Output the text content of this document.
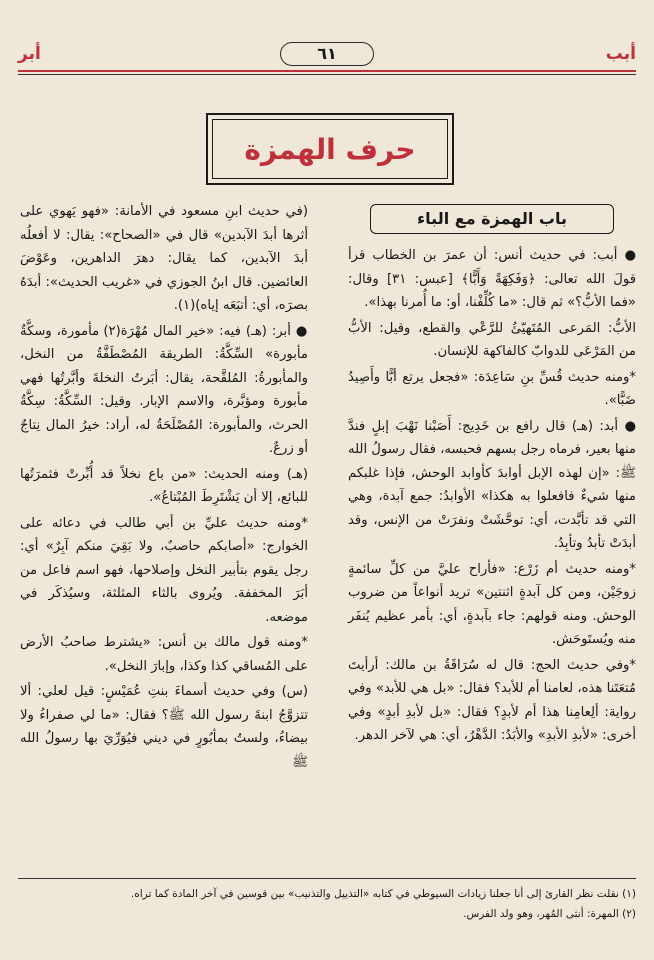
أبب
٦١
أبر
حرف الهمزة
باب الهمزة مع الباء

● أبب: في حديث أنس: أن عمرَ بن الخطاب قرأ قولَ الله تعالى: ﴿وَفَكِهَةً وَأَبًّا﴾ [عبس: ٣١] وقال: «فما الأبُّ؟» ثم قال: «ما كُلِّفْنا، أو: ما أُمرنا بهذا».

الأبُّ: المَرعى المُتَهيّئُ للرَّعْي والقطع، وقيل: الأبُّ من المَرْعَى للدوابّ كالفاكهة للإنسان.

*ومنه حديث قُسِّ بنِ سَاعِدَة: «فجعل يرتع أبًّا وأَصِيدُ ضَبًّا».

● أبد: (هـ) قال رافع بن خَدِيج: أَصَبْنا نَهْبَ إبلٍ فندَّ منها بعير، فرماه رجل بسهم فحبسه، فقال رسولُ الله ﷺ: «إن لهذه الإبل أوابدَ كأوابد الوحش، فإذا غلبكم منها شيءٌ فافعلوا به هكذا» الأوابدُ: جمع آبدة، وهي التي قد تأبَّدت، أي: توحَّشَتْ ونفرَتْ من الإنس، وقد أبدَتْ تأبدُ وتأبِدُ.

*ومنه حديث أم زَرْع: «فأراح عليَّ من كلِّ سائمةٍ زوجَيْن، ومن كل آبدةٍ اثنتين» تريد أنواعاً من ضروب الوحش. ومنه قولهم: جاء بآبدةٍ، أي: بأمر عظيم يُنفَر منه ويُستَوحَش.

*وفي حديث الحج: قال له سُرَاقَةُ بن مالك: أرأيتَ مُتعَتَنا هذه، لعامنا أم للأبد؟ فقال: «بل هي للأبد» وفي رواية: ألِعامِنا هذا أم لأبدٍ؟ فقال: «بل لأبدِ أبدٍ» وفي أخرى: «لأبدِ الأبدِ» والأبَدُ: الدَّهْرُ، أي: هي لآخر الدهر.

(في حديث ابنِ مسعود في الأمانة: «فهو يَهوي على أثرها أبدَ الآبدين» قال في «الصحاح»: يقال: لا أفعلُه أبدَ الآبدين، كما يقال: دهرَ الداهرين، وعَوْضَ العائضين. قال ابنُ الجوزي في «غريب الحديث»: أبدَهُ بصرَه، أي: أتبَعَه إياه)(١).

● أبر: (هـ) فيه: «خير المال مُهْرَة(٢) مأمورة، وسكَّةٌ مأبورة» السِّكَّةُ: الطريقة المُصْطَفَّةُ من النخل، والمأبورةُ: المُلقَّحة، يقال: أبَرتُ النخلةَ وأبَّرتُها فهي مأبورة ومؤبَّرة، والاسم الإبار. وقيل: السِّكَّةُ: سِكَّةُ الحرث، والمأبورة: المُصْلَحَةُ له، أراد: خيرُ المال نِتاجٌ أو زرعٌ.

(هـ) ومنه الحديث: «من باع نخلاً قد أُبِّرتْ فثمرَتُها للبائع، إلا أن يَشْتَرِطَ المُبْتاعُ».

*ومنه حديث عليِّ بن أبي طالب في دعائه على الخوارج: «أصابكم حاصبٌ، ولا بَقِيَ منكم آبِرٌ» أي: رجل يقوم بتأبير النخل وإصلاحها، فهو اسم فاعل من أبَرَ المخففة. ويُروى بالثاء المثلثة، وسيُذكَر في موضعه.

*ومنه قول مالك بن أنس: «يشترط صاحبُ الأرض على المُساقي كذا وكذا، وإبارَ النخل».

(س) وفي حديث أسماءَ بنتِ عُمَيْسٍ: قيل لعلي: ألا تتزوَّجُ ابنةَ رسول الله ﷺ؟ فقال: «ما لي صفراءُ ولا بيضاءُ، ولستُ بمأبُورٍ في ديني فيُوَرِّيَ بها رسولُ الله ﷺ

(١) نقلت نظر القارئ إلى أنا جعلنا زيادات السيوطي في كتابه «التذييل والتذنيب» بين قوسين في آخر المادة كما تراه.

(٢) المهرة: أنثى المُهر، وهو ولد الفرس.
